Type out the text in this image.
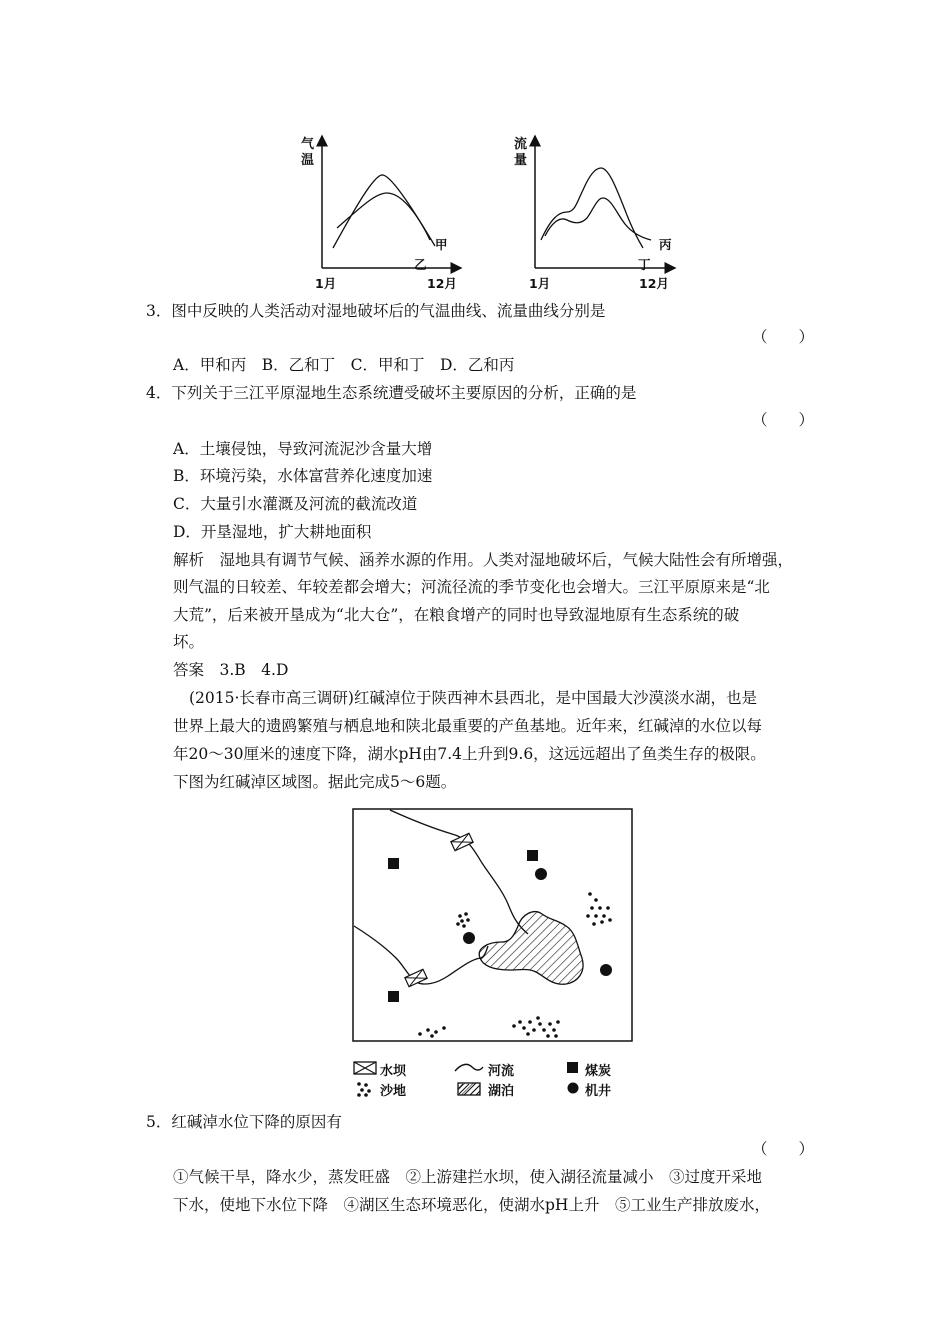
气
温
1月	12月
甲
乙
流
量
1月	12月
丙
丁
3．图中反映的人类活动对湿地破坏后的气温曲线、流量曲线分别是
（　　）
A．甲和丙　B．乙和丁　C．甲和丁　D．乙和丙
4．下列关于三江平原湿地生态系统遭受破坏主要原因的分析，正确的是
（　　）
A．土壤侵蚀，导致河流泥沙含量大增
B．环境污染，水体富营养化速度加速
C．大量引水灌溉及河流的截流改道
D．开垦湿地，扩大耕地面积
解析　湿地具有调节气候、涵养水源的作用。人类对湿地破坏后，气候大陆性会有所增强，
则气温的日较差、年较差都会增大；河流径流的季节变化也会增大。三江平原原来是“北
大荒”，后来被开垦成为“北大仓”，在粮食增产的同时也导致湿地原有生态系统的破
坏。
答案　3.B　4.D
(2015·长春市高三调研)红碱淖位于陕西神木县西北，是中国最大沙漠淡水湖，也是
世界上最大的遗鸥繁殖与栖息地和陕北最重要的产鱼基地。近年来，红碱淖的水位以每
年20～30厘米的速度下降，湖水pH由7.4上升到9.6，这远远超出了鱼类生存的极限。
下图为红碱淖区域图。据此完成5～6题。
水坝	河流	煤炭
沙地	湖泊	机井
5．红碱淖水位下降的原因有
（　　）
①气候干旱，降水少，蒸发旺盛　②上游建拦水坝，使入湖径流量减小　③过度开采地
下水，使地下水位下降　④湖区生态环境恶化，使湖水pH上升　⑤工业生产排放废水，
